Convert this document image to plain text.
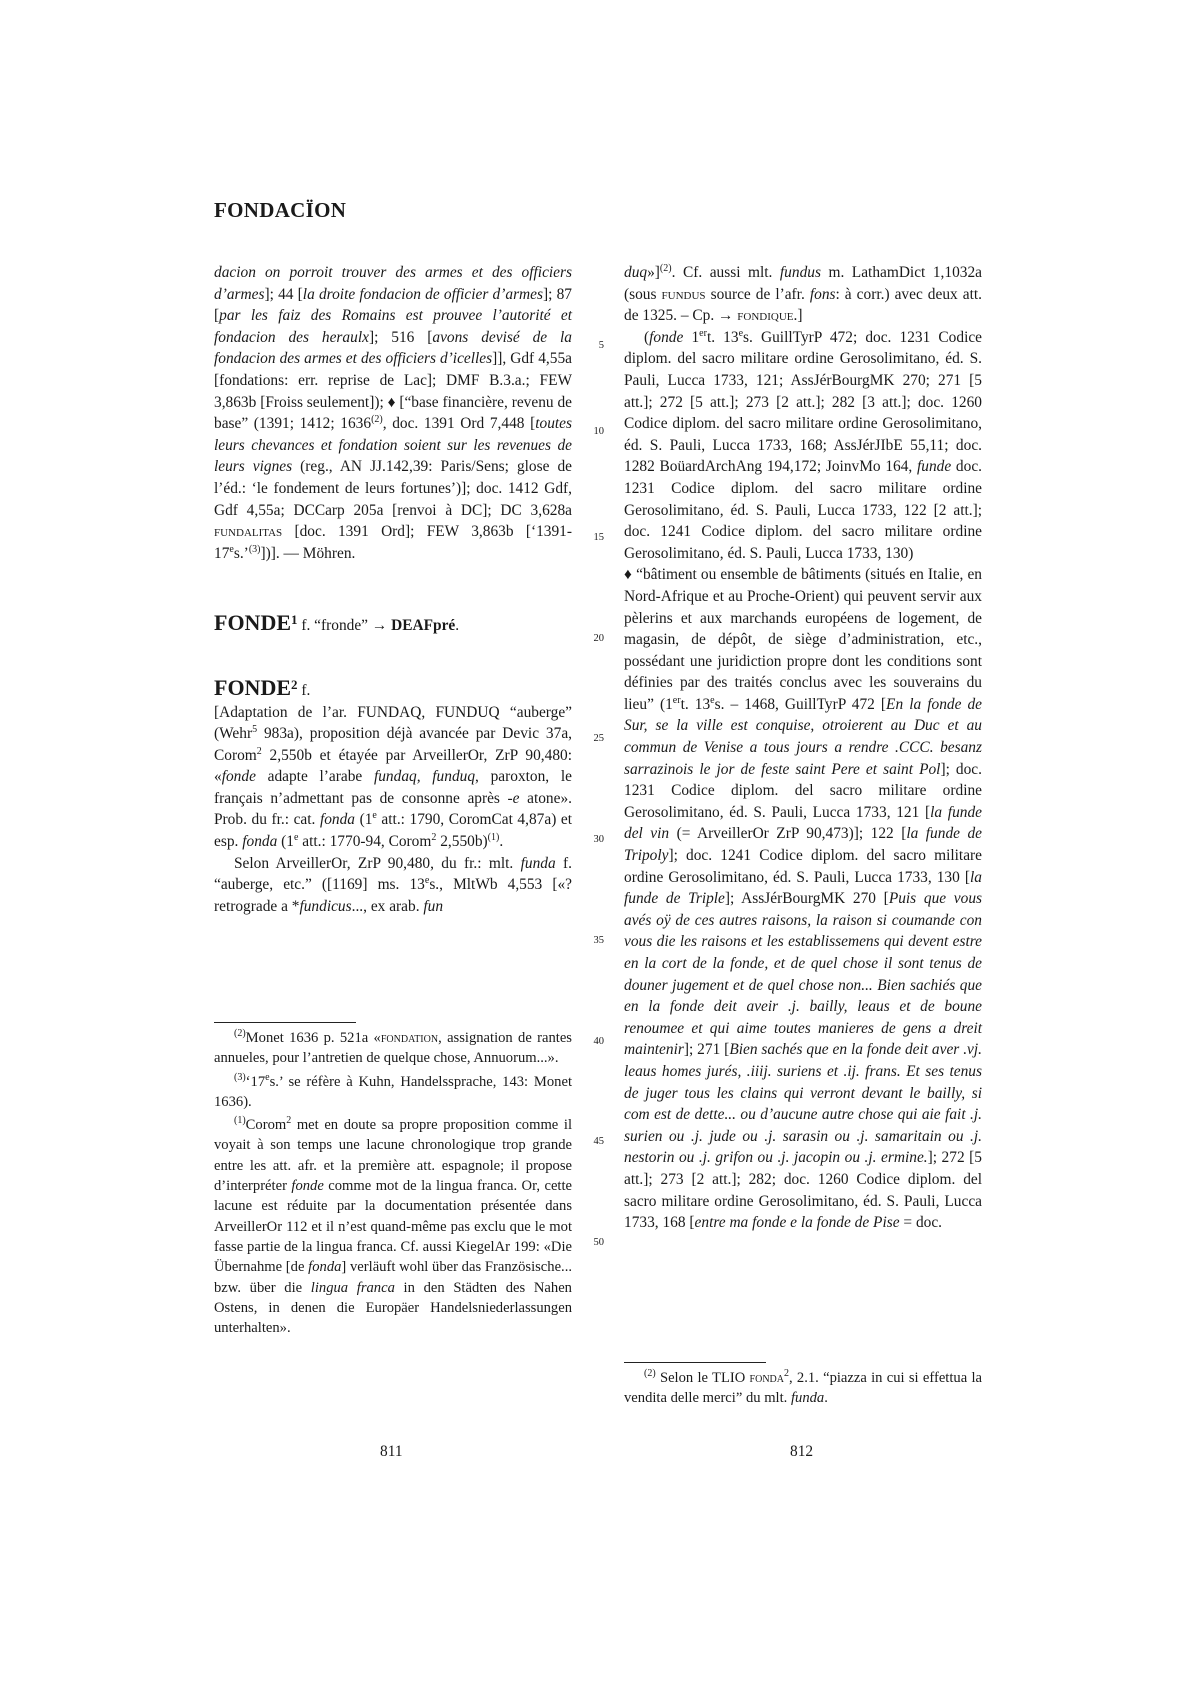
FONDACÏON

dacion on porroit trouver des armes et des officiers d’armes]; 44 [la droite fondacion de officier d’armes]; 87 [par les faiz des Romains est prouvee l’autorité et fondacion des heraulx]; 516 [avons devisé de la fondacion des armes et des officiers d’icelles]], Gdf 4,55a [fondations: err. reprise de Lac]; DMF B.3.a.; FEW 3,863b [Froiss seulement]); ♦ [“base financière, revenu de base” (1391; 1412; 1636$^{(2)}$, doc. 1391 Ord 7,448 [toutes leurs chevances et fondation soient sur les revenues de leurs vignes (reg., AN JJ.142,39: Paris/Sens; glose de l’éd.: ‘le fondement de leurs fortunes’)]; doc. 1412 Gdf, Gdf 4,55a; DCCarp 205a [renvoi à DC]; DC 3,628a fundalitas [doc. 1391 Ord]; FEW 3,863b [‘1391-17es.’$^{(3)}$])]. — Möhren.

FONDE$^1$ f. “fronde” → DEAFpré.
FONDE$^2$ f.

[Adaptation de l’ar. FUNDAQ, FUNDUQ “auberge” (Wehr$^5$ 983a), proposition déjà avancée par Devic 37a, Corom$^2$ 2,550b et étayée par ArveillerOr, ZrP 90,480: «fonde adapte l’arabe fundaq, funduq, paroxton, le français n’admettant pas de consonne après -e atone». Prob. du fr.: cat. fonda (1e att.: 1790, CoromCat 4,87a) et esp. fonda (1e att.: 1770-94, Corom$^2$ 2,550b)$^{(1)}$.

Selon ArveillerOr, ZrP 90,480, du fr.: mlt. funda f. “auberge, etc.” ([1169] ms. 13es., MltWb 4,553 [«?retrograde a *fundicus..., ex arab. fun

$^{(2)}$Monet 1636 p. 521a «fondation, assignation de rantes annueles, pour l’antretien de quelque chose, Annuorum...».

$^{(3)}$‘17es.’ se réfère à Kuhn, Handelssprache, 143: Monet 1636).

$^{(1)}$Corom$^2$ met en doute sa propre proposition comme il voyait à son temps une lacune chronologique trop grande entre les att. afr. et la première att. espagnole; il propose d’interpréter fonde comme mot de la lingua franca. Or, cette lacune est réduite par la documentation présentée dans ArveillerOr 112 et il n’est quand-même pas exclu que le mot fasse partie de la lingua franca. Cf. aussi KiegelAr 199: «Die Übernahme [de fonda] verläuft wohl über das Französische... bzw. über die lingua franca in den Städten des Nahen Ostens, in denen die Europäer Handelsniederlassungen unterhalten».

duq»]$^{(2)}$. Cf. aussi mlt. fundus m. LathamDict 1,1032a (sous fundus source de l’afr. fons: à corr.) avec deux att. de 1325. – Cp. → fondique.]

(fonde 1ert. 13es. GuillTyrP 472; doc. 1231 Codice diplom. del sacro militare ordine Gerosolimitano, éd. S. Pauli, Lucca 1733, 121; AssJérBourgMK 270; 271 [5 att.]; 272 [5 att.]; 273 [2 att.]; 282 [3 att.]; doc. 1260 Codice diplom. del sacro militare ordine Gerosolimitano, éd. S. Pauli, Lucca 1733, 168; AssJérJIbE 55,11; doc. 1282 BoüardArchAng 194,172; JoinvMo 164, funde doc. 1231 Codice diplom. del sacro militare ordine Gerosolimitano, éd. S. Pauli, Lucca 1733, 122 [2 att.]; doc. 1241 Codice diplom. del sacro militare ordine Gerosolimitano, éd. S. Pauli, Lucca 1733, 130)

♦ “bâtiment ou ensemble de bâtiments (situés en Italie, en Nord-Afrique et au Proche-Orient) qui peuvent servir aux pèlerins et aux marchands européens de logement, de magasin, de dépôt, de siège d’administration, etc., possédant une juridiction propre dont les conditions sont définies par des traités conclus avec les souverains du lieu” (1ert. 13es. – 1468, GuillTyrP 472 [En la fonde de Sur, se la ville est conquise, otroierent au Duc et au commun de Venise a tous jours a rendre .CCC. besanz sarrazinois le jor de feste saint Pere et saint Pol]; doc. 1231 Codice diplom. del sacro militare ordine Gerosolimitano, éd. S. Pauli, Lucca 1733, 121 [la funde del vin (= ArveillerOr ZrP 90,473)]; 122 [la funde de Tripoly]; doc. 1241 Codice diplom. del sacro militare ordine Gerosolimitano, éd. S. Pauli, Lucca 1733, 130 [la funde de Triple]; AssJérBourgMK 270 [Puis que vous avés oÿ de ces autres raisons, la raison si coumande con vous die les raisons et les establissemens qui devent estre en la cort de la fonde, et de quel chose il sont tenus de douner jugement et de quel chose non... Bien sachiés que en la fonde deit aveir .j. bailly, leaus et de boune renoumee et qui aime toutes manieres de gens a dreit maintenir]; 271 [Bien sachés que en la fonde deit aver .vj. leaus homes jurés, .iiij. suriens et .ij. frans. Et ses tenus de juger tous les clains qui verront devant le bailly, si com est de dette... ou d’aucune autre chose qui aie fait .j. surien ou .j. jude ou .j. sarasin ou .j. samaritain ou .j. nestorin ou .j. grifon ou .j. jacopin ou .j. ermine.]; 272 [5 att.]; 273 [2 att.]; 282; doc. 1260 Codice diplom. del sacro militare ordine Gerosolimitano, éd. S. Pauli, Lucca 1733, 168 [entre ma fonde e la fonde de Pise = doc.

$^{(2)}$ Selon le TLIO fonda$^2$, 2.1. “piazza in cui si effettua la vendita delle merci” du mlt. funda.

5
10
15
20
25
30
35
40
45
50
811	812
